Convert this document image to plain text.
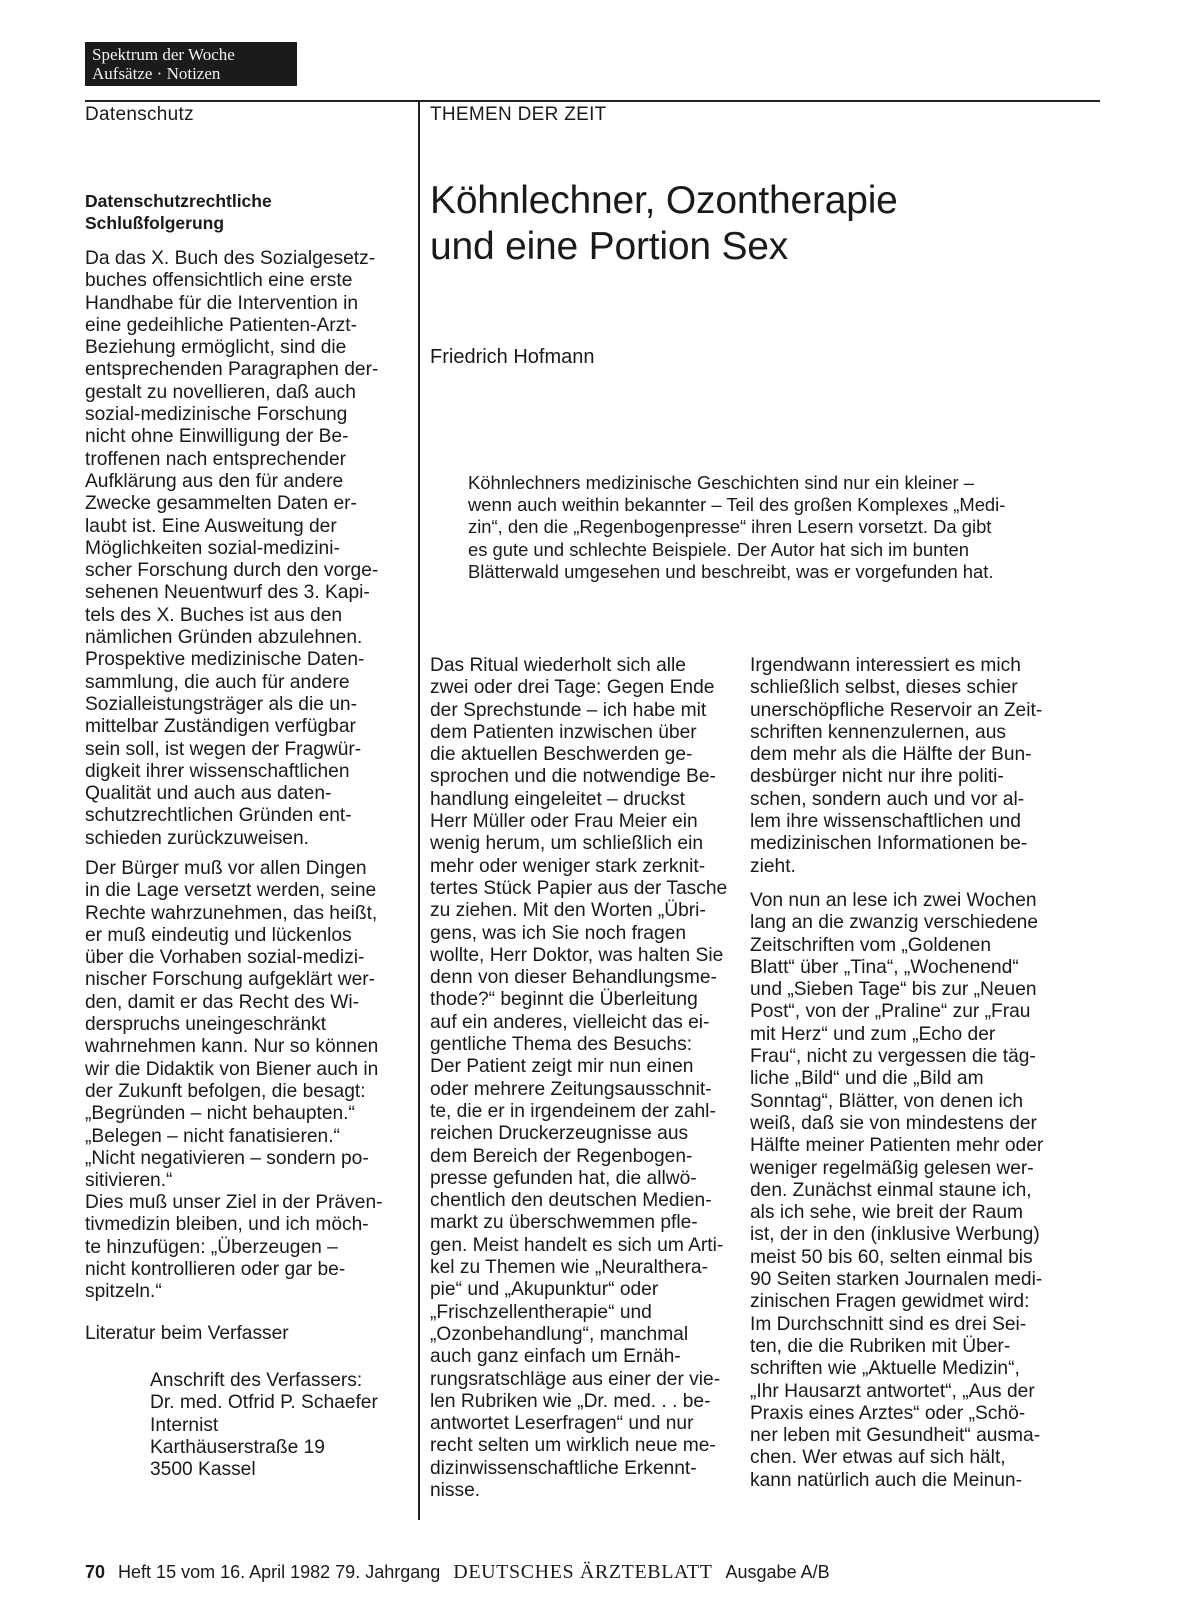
Spektrum der Woche
Aufsätze · Notizen
Datenschutz	THEMEN DER ZEIT
Datenschutzrechtliche
Schlußfolgerung
Da das X. Buch des Sozialgesetz-
buches offensichtlich eine erste
Handhabe für die Intervention in
eine gedeihliche Patienten-Arzt-
Beziehung ermöglicht, sind die
entsprechenden Paragraphen der-
gestalt zu novellieren, daß auch
sozial-medizinische Forschung
nicht ohne Einwilligung der Be-
troffenen nach entsprechender
Aufklärung aus den für andere
Zwecke gesammelten Daten er-
laubt ist. Eine Ausweitung der
Möglichkeiten sozial-medizini-
scher Forschung durch den vorge-
sehenen Neuentwurf des 3. Kapi-
tels des X. Buches ist aus den
nämlichen Gründen abzulehnen.
Prospektive medizinische Daten-
sammlung, die auch für andere
Sozialleistungsträger als die un-
mittelbar Zuständigen verfügbar
sein soll, ist wegen der Fragwür-
digkeit ihrer wissenschaftlichen
Qualität und auch aus daten-
schutzrechtlichen Gründen ent-
schieden zurückzuweisen.
Der Bürger muß vor allen Dingen
in die Lage versetzt werden, seine
Rechte wahrzunehmen, das heißt,
er muß eindeutig und lückenlos
über die Vorhaben sozial-medizi-
nischer Forschung aufgeklärt wer-
den, damit er das Recht des Wi-
derspruchs uneingeschränkt
wahrnehmen kann. Nur so können
wir die Didaktik von Biener auch in
der Zukunft befolgen, die besagt:
„Begründen – nicht behaupten.“
„Belegen – nicht fanatisieren.“
„Nicht negativieren – sondern po-
sitivieren.“
Dies muß unser Ziel in der Präven-
tivmedizin bleiben, und ich möch-
te hinzufügen: „Überzeugen –
nicht kontrollieren oder gar be-
spitzeln.“
Literatur beim Verfasser
Anschrift des Verfassers:
Dr. med. Otfrid P. Schaefer
Internist
Karthäuserstraße 19
3500 Kassel
Köhnlechner, Ozontherapie
und eine Portion Sex
Friedrich Hofmann
Köhnlechners medizinische Geschichten sind nur ein kleiner –
wenn auch weithin bekannter – Teil des großen Komplexes „Medi-
zin“, den die „Regenbogenpresse“ ihren Lesern vorsetzt. Da gibt
es gute und schlechte Beispiele. Der Autor hat sich im bunten
Blätterwald umgesehen und beschreibt, was er vorgefunden hat.
Das Ritual wiederholt sich alle
zwei oder drei Tage: Gegen Ende
der Sprechstunde – ich habe mit
dem Patienten inzwischen über
die aktuellen Beschwerden ge-
sprochen und die notwendige Be-
handlung eingeleitet – druckst
Herr Müller oder Frau Meier ein
wenig herum, um schließlich ein
mehr oder weniger stark zerknit-
tertes Stück Papier aus der Tasche
zu ziehen. Mit den Worten „Übri-
gens, was ich Sie noch fragen
wollte, Herr Doktor, was halten Sie
denn von dieser Behandlungsme-
thode?“ beginnt die Überleitung
auf ein anderes, vielleicht das ei-
gentliche Thema des Besuchs:
Der Patient zeigt mir nun einen
oder mehrere Zeitungsausschnit-
te, die er in irgendeinem der zahl-
reichen Druckerzeugnisse aus
dem Bereich der Regenbogen-
presse gefunden hat, die allwö-
chentlich den deutschen Medien-
markt zu überschwemmen pfle-
gen. Meist handelt es sich um Arti-
kel zu Themen wie „Neuralthera-
pie“ und „Akupunktur“ oder
„Frischzellentherapie“ und
„Ozonbehandlung“, manchmal
auch ganz einfach um Ernäh-
rungsratschläge aus einer der vie-
len Rubriken wie „Dr. med. . . be-
antwortet Leserfragen“ und nur
recht selten um wirklich neue me-
dizinwissenschaftliche Erkennt-
nisse.
Irgendwann interessiert es mich
schließlich selbst, dieses schier
unerschöpfliche Reservoir an Zeit-
schriften kennenzulernen, aus
dem mehr als die Hälfte der Bun-
desbürger nicht nur ihre politi-
schen, sondern auch und vor al-
lem ihre wissenschaftlichen und
medizinischen Informationen be-
zieht.
Von nun an lese ich zwei Wochen
lang an die zwanzig verschiedene
Zeitschriften vom „Goldenen
Blatt“ über „Tina“, „Wochenend“
und „Sieben Tage“ bis zur „Neuen
Post“, von der „Praline“ zur „Frau
mit Herz“ und zum „Echo der
Frau“, nicht zu vergessen die täg-
liche „Bild“ und die „Bild am
Sonntag“, Blätter, von denen ich
weiß, daß sie von mindestens der
Hälfte meiner Patienten mehr oder
weniger regelmäßig gelesen wer-
den. Zunächst einmal staune ich,
als ich sehe, wie breit der Raum
ist, der in den (inklusive Werbung)
meist 50 bis 60, selten einmal bis
90 Seiten starken Journalen medi-
zinischen Fragen gewidmet wird:
Im Durchschnitt sind es drei Sei-
ten, die die Rubriken mit Über-
schriften wie „Aktuelle Medizin“,
„Ihr Hausarzt antwortet“, „Aus der
Praxis eines Arztes“ oder „Schö-
ner leben mit Gesundheit“ ausma-
chen. Wer etwas auf sich hält,
kann natürlich auch die Meinun-
70 Heft 15 vom 16. April 1982 79. Jahrgang DEUTSCHES ÄRZTEBLATT Ausgabe A/B
